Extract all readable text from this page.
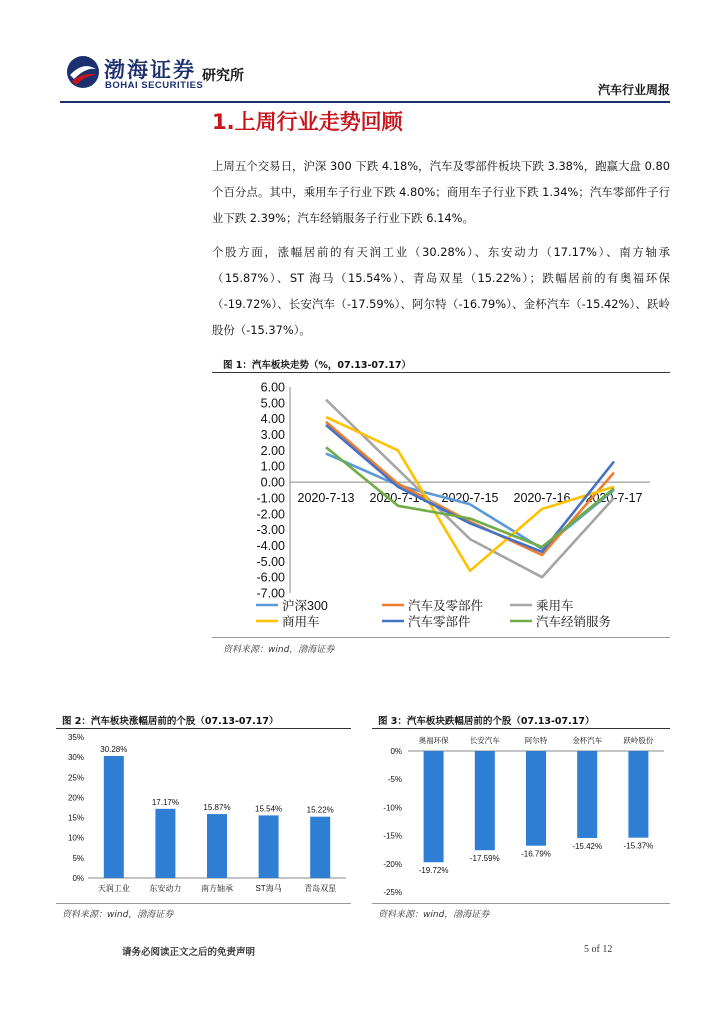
渤海证券
BOHAI SECURITIES
研究所
汽车行业周报
1.上周行业走势回顾
上周五个交易日，沪深 300 下跌 4.18%，汽车及零部件板块下跌 3.38%，跑赢大盘 0.80 个百分点。其中，乘用车子行业下跌 4.80%；商用车子行业下跌 1.34%；汽车零部件子行业下跌 2.39%；汽车经销服务子行业下跌 6.14%。
个股方面，涨幅居前的有天润工业（30.28%）、东安动力（17.17%）、南方轴承（15.87%）、ST 海马（15.54%）、青岛双星（15.22%）；跌幅居前的有奥福环保（-19.72%）、长安汽车（-17.59%）、阿尔特（-16.79%）、金杯汽车（-15.42%）、跃岭股份（-15.37%）。
图 1：汽车板块走势（%，07.13-07.17）
6.00
5.00
4.00
3.00
2.00
1.00
0.00
-1.00
-2.00
-3.00
-4.00
-5.00
-6.00
-7.00
2020-7-13 2020-7-14 2020-7-15 2020-7-16 2020-7-17
沪深300	汽车及零部件	乘用车
商用车	汽车零部件	汽车经销服务
资料来源：wind，渤海证券
图 2：汽车板块涨幅居前的个股（07.13-07.17）
35%
30%
25%
20%
15%
10%
5%
0%
30.28%
天润工业
17.17%
东安动力
15.87%
南方轴承
15.54%
ST海马
15.22%
青岛双星
资料来源：wind，渤海证券
图 3：汽车板块跌幅居前的个股（07.13-07.17）
0%
-5%
-10%
-15%
-20%
-25%
-19.72%
奥福环保
-17.59%
长安汽车
-16.79%
阿尔特
-15.42%
金杯汽车
-15.37%
跃岭股份
资料来源：wind，渤海证券
请务必阅读正文之后的免责声明	5 of 12
